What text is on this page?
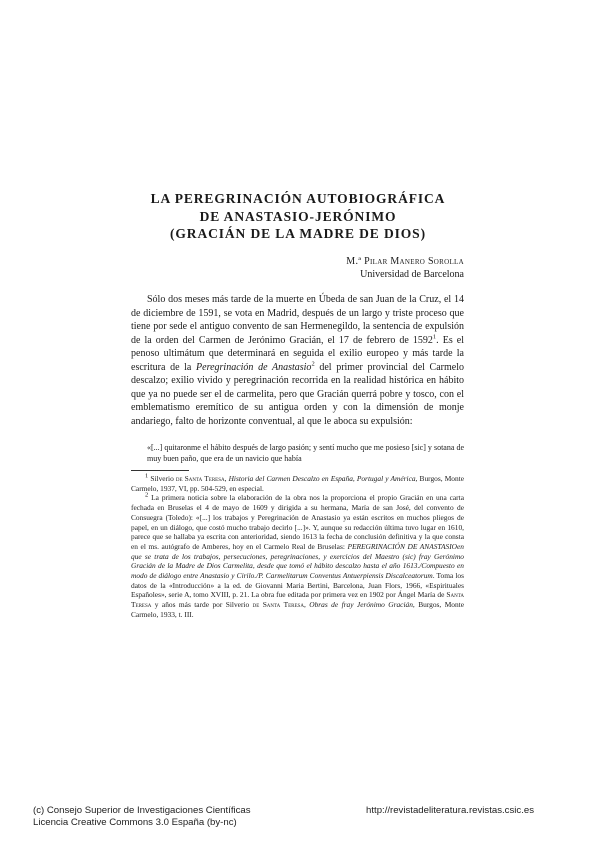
LA PEREGRINACIÓN AUTOBIOGRÁFICA

DE ANASTASIO-JERÓNIMO

(GRACIÁN DE LA MADRE DE DIOS)

M.ª Pilar Manero Sorolla
Universidad de Barcelona

Sólo dos meses más tarde de la muerte en Úbeda de san Juan de la Cruz, el 14 de diciembre de 1591, se vota en Madrid, después de un largo y triste proceso que tiene por sede el antiguo convento de san Hermenegildo, la sentencia de expulsión de la orden del Carmen de Jerónimo Gracián, el 17 de febrero de 1592$^1$. Es el penoso ultimátum que determinará en seguida el exilio europeo y más tarde la escritura de la Peregrinación de Anastasio$^2$ del primer provincial del Carmelo descalzo; exilio vivido y peregrinación recorrida en la realidad histórica en hábito que ya no puede ser el de carmelita, pero que Gracián querrá pobre y tosco, con el emblematismo eremítico de su antigua orden y con la dimensión de monje andariego, falto de horizonte conventual, al que le aboca su expulsión:

«[...] quitaronme el hábito después de largo pasión; y sentí mucho que me posieso [sic] y sotana de muy buen paño, que era de un navicio que había

$^1$ Silverio de Santa Teresa, Historia del Carmen Descalzo en España, Portugal y América, Burgos, Monte Carmelo, 1937, VI, pp. 504-529, en especial.

$^2$ La primera noticia sobre la elaboración de la obra nos la proporciona el propio Gracián en una carta fechada en Bruselas el 4 de mayo de 1609 y dirigida a su hermana, María de san José, del convento de Consuegra (Toledo): «[...] los trabajos y Peregrinación de Anastasio ya están escritos en muchos pliegos de papel, en un diálogo, que costó mucho trabajo decirlo [...]». Y, aunque su redacción última tuvo lugar en 1610, parece que se hallaba ya escrita con anterioridad, siendo 1613 la fecha de conclusión definitiva y la que consta en el ms. autógrafo de Amberes, hoy en el Carmelo Real de Bruselas: PEREGRINACIÓN DE ANASTASIOen que se trata de los trabajos, persecuciones, peregrinaciones, y exercicios del Maestro (sic) fray Gerónimo Gracián de la Madre de Dios Carmelita, desde que tomó el hábito descalzo hasta el año 1613./Compuesto en modo de diálogo entre Anastasio y Cirilo./P. Carmelitarum Conventus Antuerpiensis Discalceatorum. Toma los datos de la «Introducción» a la ed. de Giovanni Maria Bertini, Barcelona, Juan Flors, 1966, «Espirituales Españoles», serie A, tomo XVIII, p. 21. La obra fue editada por primera vez en 1902 por Ángel María de Santa Teresa y años más tarde por Silverio de Santa Teresa, Obras de fray Jerónimo Gracián, Burgos, Monte Carmelo, 1933, t. III.

(c) Consejo Superior de Investigaciones Científicas
Licencia Creative Commons 3.0 España (by-nc)
http://revistadeliteratura.revistas.csic.es
